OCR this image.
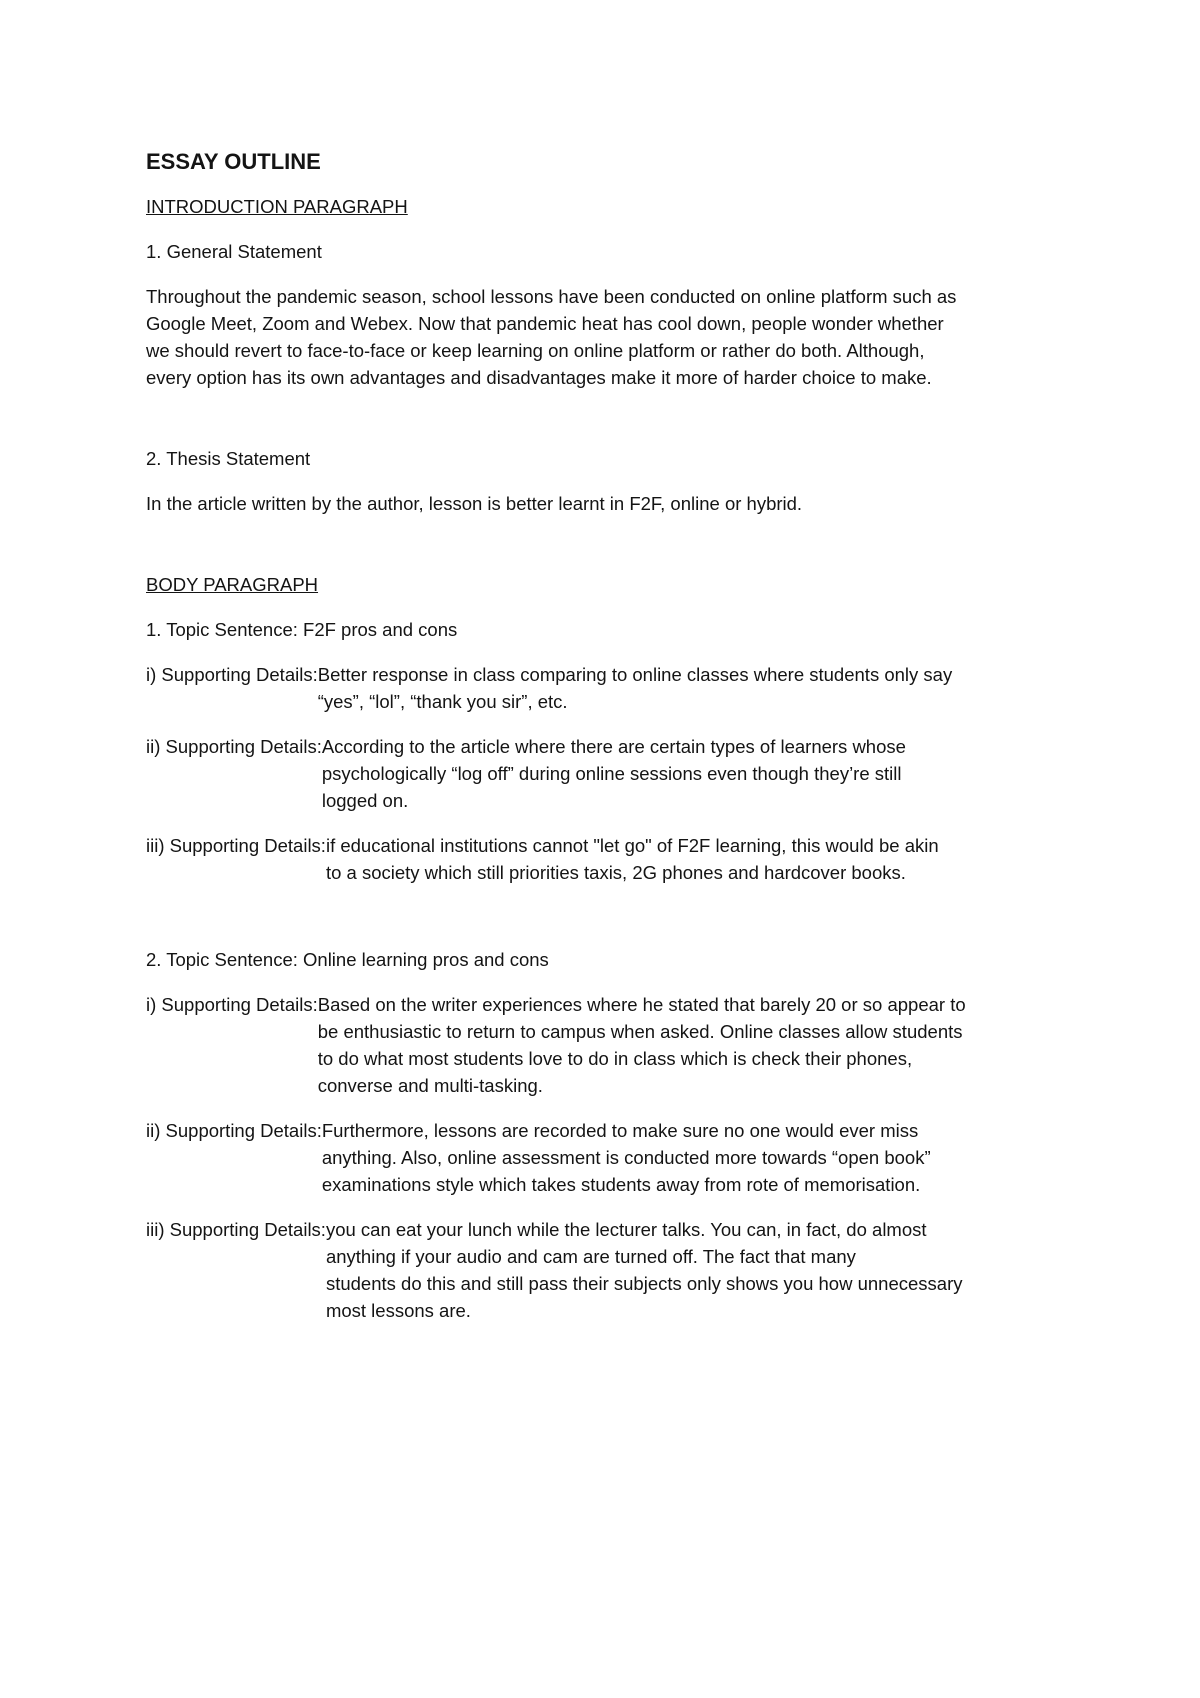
ESSAY OUTLINE
INTRODUCTION PARAGRAPH
1. General Statement
Throughout the pandemic season, school lessons have been conducted on online platform such as
Google Meet, Zoom and Webex. Now that pandemic heat has cool down, people wonder whether
we should revert to face-to-face or keep learning on online platform or rather do both. Although,
every option has its own advantages and disadvantages make it more of harder choice to make.
2. Thesis Statement
In the article written by the author, lesson is better learnt in F2F, online or hybrid.
BODY PARAGRAPH
1. Topic Sentence: F2F pros and cons
i) Supporting Details: Better response in class comparing to online classes where students only say
“yes”, “lol”, “thank you sir”, etc.
ii) Supporting Details: According to the article where there are certain types of learners whose
psychologically “log off” during online sessions even though they’re still
logged on.
iii) Supporting Details: if educational institutions cannot "let go" of F2F learning, this would be akin
to a society which still priorities taxis, 2G phones and hardcover books.
2. Topic Sentence: Online learning pros and cons
i) Supporting Details: Based on the writer experiences where he stated that barely 20 or so appear to
be enthusiastic to return to campus when asked. Online classes allow students
to do what most students love to do in class which is check their phones,
converse and multi-tasking.
ii) Supporting Details: Furthermore, lessons are recorded to make sure no one would ever miss
anything. Also, online assessment is conducted more towards “open book”
examinations style which takes students away from rote of memorisation.
iii) Supporting Details: you can eat your lunch while the lecturer talks. You can, in fact, do almost
anything if your audio and cam are turned off. The fact that many
students do this and still pass their subjects only shows you how unnecessary
most lessons are.
